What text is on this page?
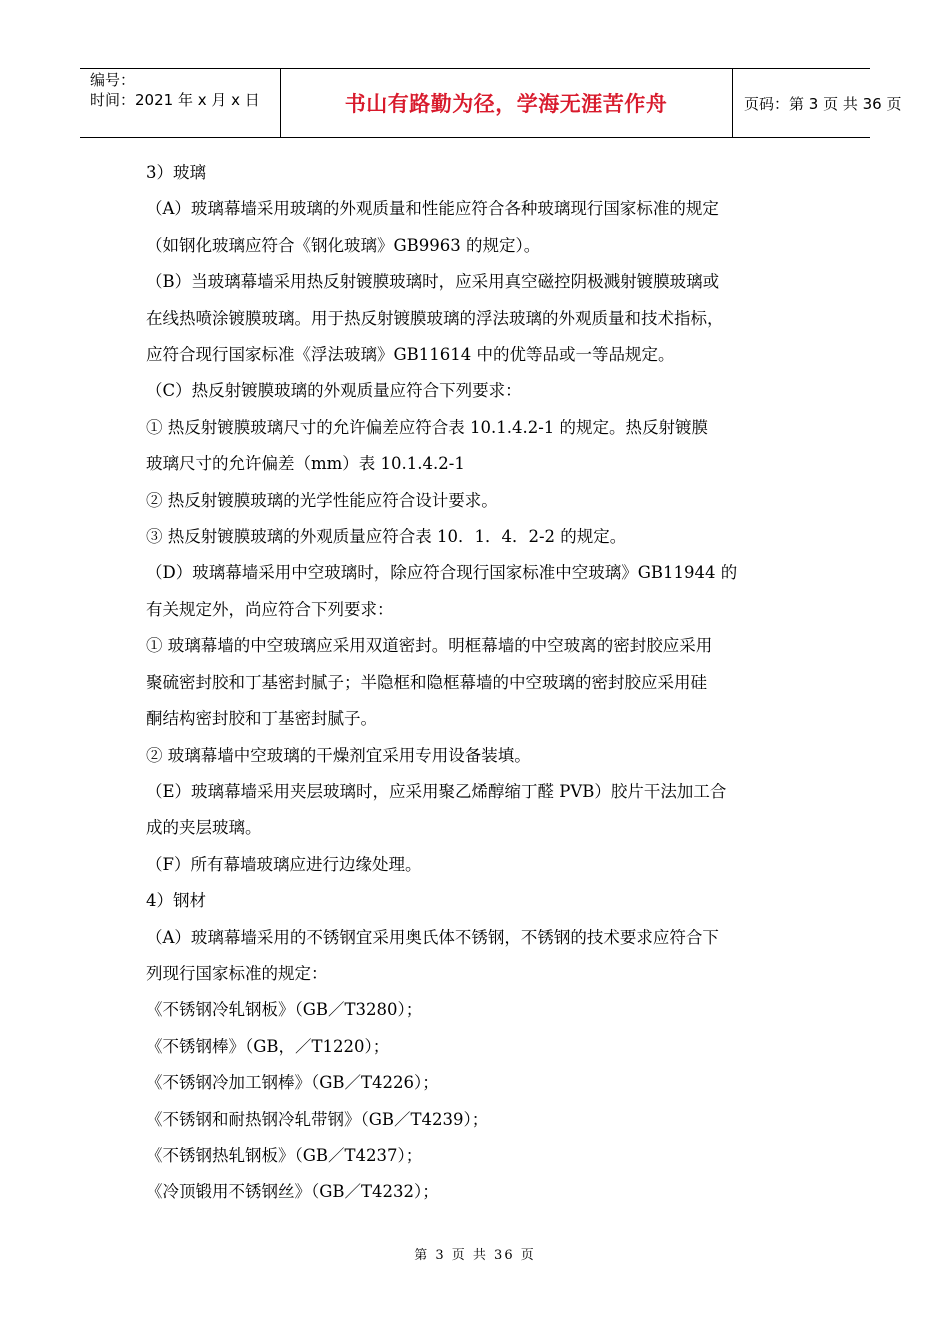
编号：
时间：2021 年 x 月 x 日	书山有路勤为径，学海无涯苦作舟	页码：第 3 页 共 36 页

3）玻璃

（A）玻璃幕墙采用玻璃的外观质量和性能应符合各种玻璃现行国家标准的规定

（如钢化玻璃应符合《钢化玻璃》GB9963 的规定）。

（B）当玻璃幕墙采用热反射镀膜玻璃时，应采用真空磁控阴极溅射镀膜玻璃或

在线热喷涂镀膜玻璃。用于热反射镀膜玻璃的浮法玻璃的外观质量和技术指标，

应符合现行国家标准《浮法玻璃》GB11614 中的优等品或一等品规定。

（C）热反射镀膜玻璃的外观质量应符合下列要求：

① 热反射镀膜玻璃尺寸的允许偏差应符合表 10.1.4.2-1 的规定。热反射镀膜

玻璃尺寸的允许偏差（mm）表 10.1.4.2-1

② 热反射镀膜玻璃的光学性能应符合设计要求。

③ 热反射镀膜玻璃的外观质量应符合表 10．1．4．2-2 的规定。

（D）玻璃幕墙采用中空玻璃时，除应符合现行国家标准中空玻璃》GB11944 的

有关规定外，尚应符合下列要求：

① 玻璃幕墙的中空玻璃应采用双道密封。明框幕墙的中空玻离的密封胶应采用

聚硫密封胶和丁基密封腻子；半隐框和隐框幕墙的中空玻璃的密封胶应采用硅

酮结构密封胶和丁基密封腻子。

② 玻璃幕墙中空玻璃的干燥剂宜采用专用设备装填。

（E）玻璃幕墙采用夹层玻璃时，应采用聚乙烯醇缩丁醛 PVB）胶片干法加工合

成的夹层玻璃。

（F）所有幕墙玻璃应进行边缘处理。

4）钢材

（A）玻璃幕墙采用的不锈钢宜采用奥氏体不锈钢，不锈钢的技术要求应符合下

列现行国家标准的规定：

《不锈钢冷轧钢板》（GB／T3280）；

《不锈钢棒》（GB，／T1220）；

《不锈钢冷加工钢棒》（GB／T4226）；

《不锈钢和耐热钢冷轧带钢》（GB／T4239）；

《不锈钢热轧钢板》（GB／T4237）；

《冷顶锻用不锈钢丝》（GB／T4232）；

第 3 页 共 36 页
